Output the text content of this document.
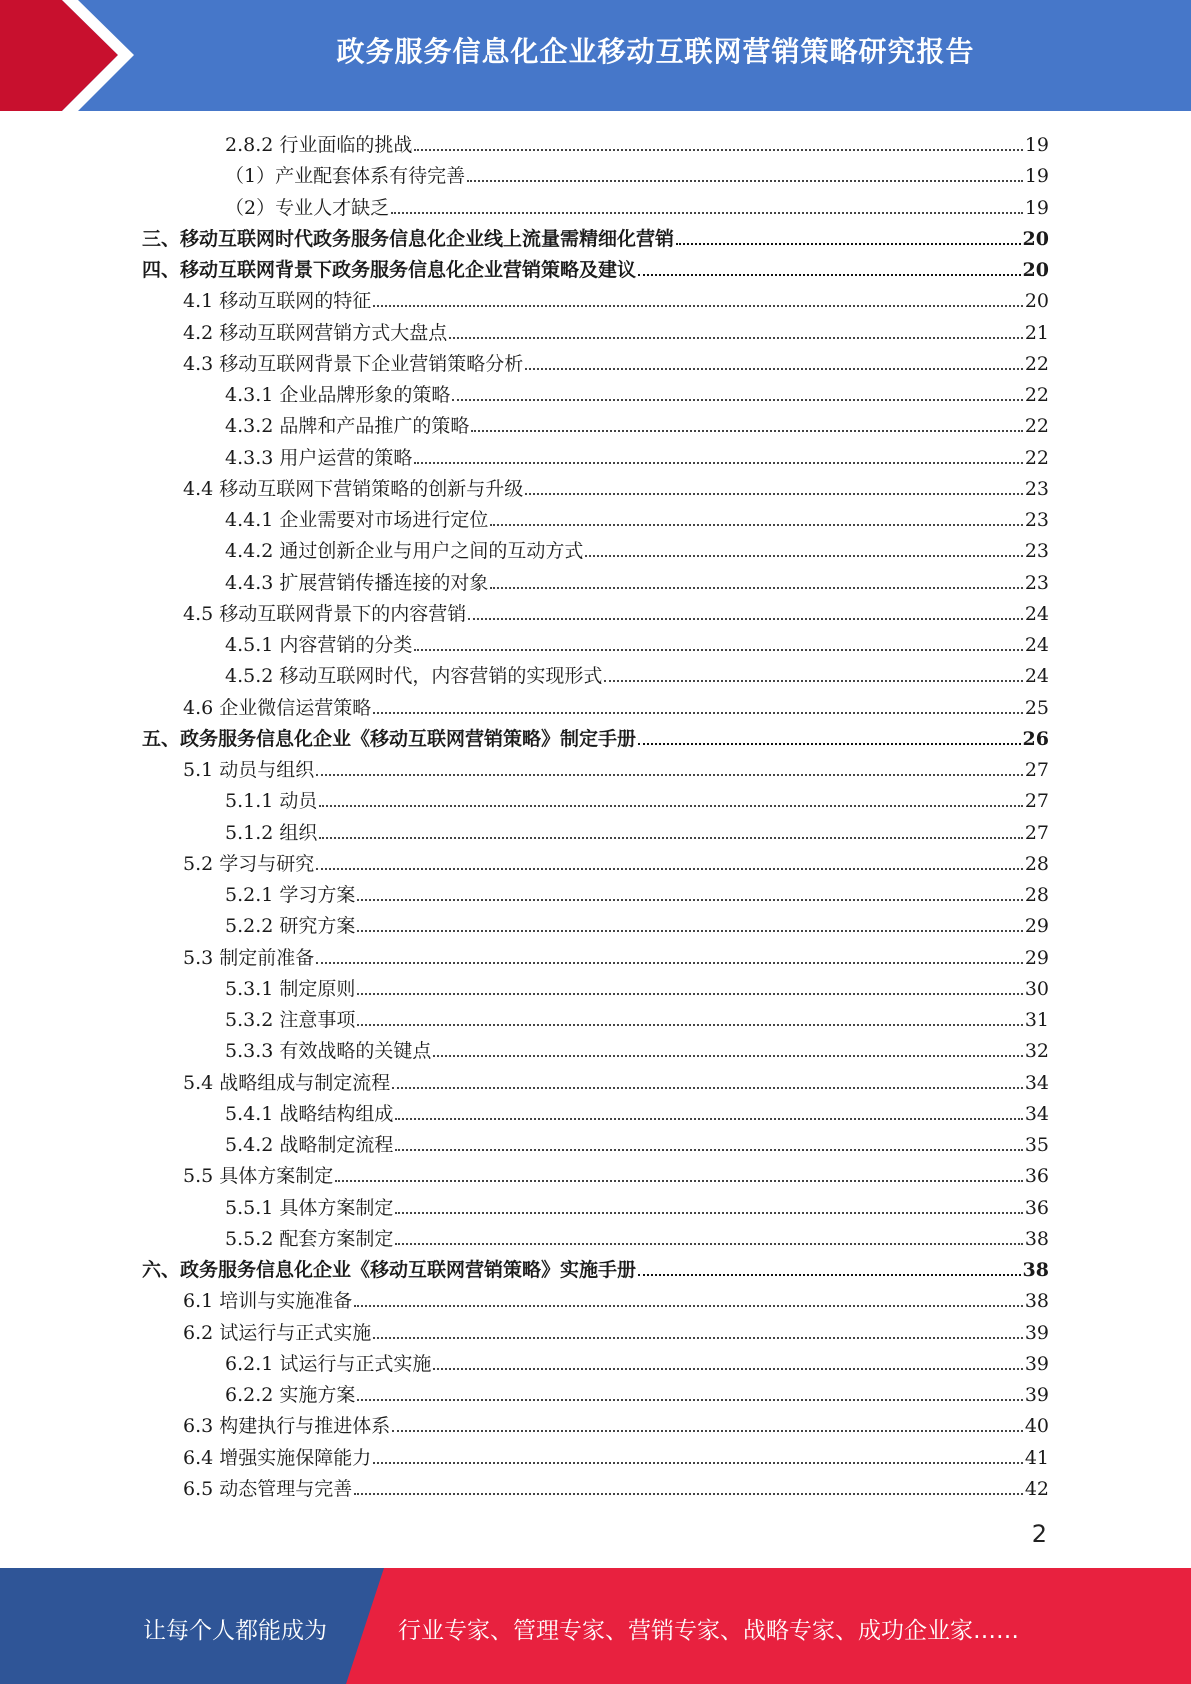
政务服务信息化企业移动互联网营销策略研究报告
2.8.2 行业面临的挑战	19
（1）产业配套体系有待完善	19
（2）专业人才缺乏	19
三、移动互联网时代政务服务信息化企业线上流量需精细化营销	20
四、移动互联网背景下政务服务信息化企业营销策略及建议	20
4.1 移动互联网的特征	20
4.2 移动互联网营销方式大盘点	21
4.3 移动互联网背景下企业营销策略分析	22
4.3.1 企业品牌形象的策略	22
4.3.2 品牌和产品推广的策略	22
4.3.3 用户运营的策略	22
4.4 移动互联网下营销策略的创新与升级	23
4.4.1 企业需要对市场进行定位	23
4.4.2 通过创新企业与用户之间的互动方式	23
4.4.3 扩展营销传播连接的对象	23
4.5 移动互联网背景下的内容营销	24
4.5.1 内容营销的分类	24
4.5.2 移动互联网时代，内容营销的实现形式	24
4.6 企业微信运营策略	25
五、政务服务信息化企业《移动互联网营销策略》制定手册	26
5.1 动员与组织	27
5.1.1 动员	27
5.1.2 组织	27
5.2 学习与研究	28
5.2.1 学习方案	28
5.2.2 研究方案	29
5.3 制定前准备	29
5.3.1 制定原则	30
5.3.2 注意事项	31
5.3.3 有效战略的关键点	32
5.4 战略组成与制定流程	34
5.4.1 战略结构组成	34
5.4.2 战略制定流程	35
5.5 具体方案制定	36
5.5.1 具体方案制定	36
5.5.2 配套方案制定	38
六、政务服务信息化企业《移动互联网营销策略》实施手册	38
6.1 培训与实施准备	38
6.2 试运行与正式实施	39
6.2.1 试运行与正式实施	39
6.2.2 实施方案	39
6.3 构建执行与推进体系	40
6.4 增强实施保障能力	41
6.5 动态管理与完善	42
2
让每个人都能成为	行业专家、管理专家、营销专家、战略专家、成功企业家……
